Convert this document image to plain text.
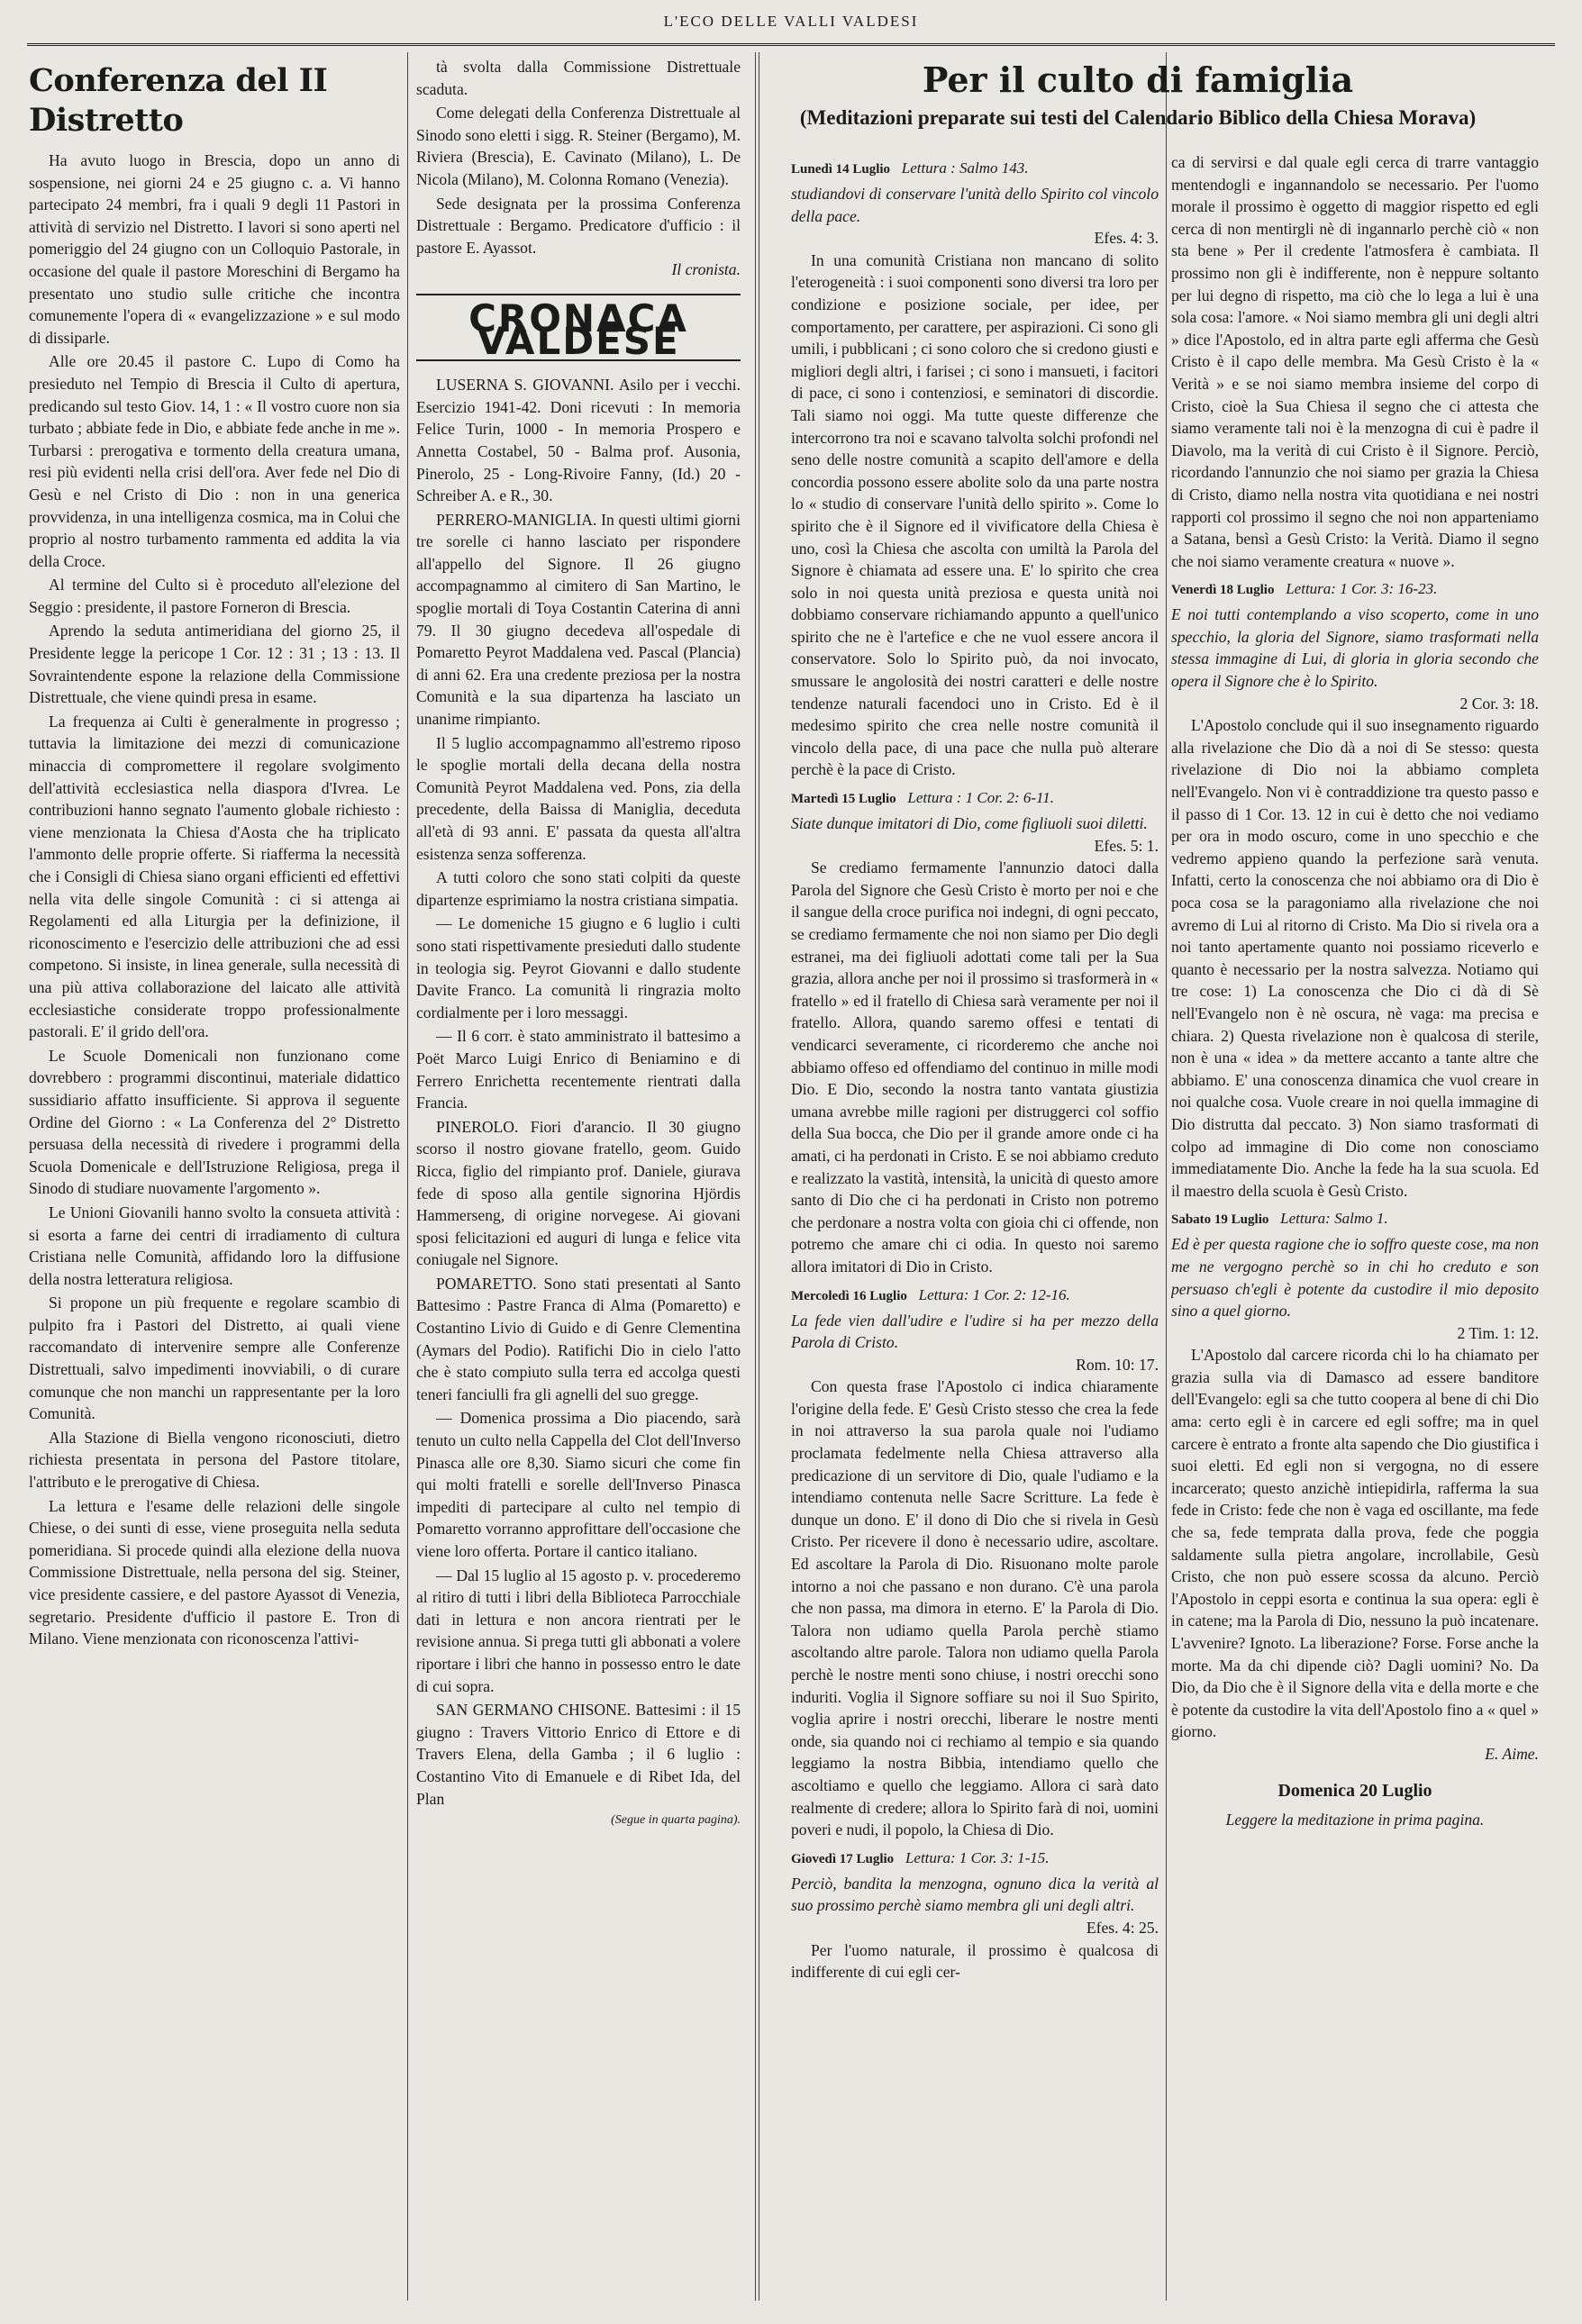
L'ECO DELLE VALLI VALDESI
Conferenza del II Distretto

Ha avuto luogo in Brescia, dopo un anno di sospensione, nei giorni 24 e 25 giugno c. a. Vi hanno partecipato 24 membri, fra i quali 9 degli 11 Pastori in attività di servizio nel Distretto. I lavori si sono aperti nel pomeriggio del 24 giugno con un Colloquio Pastorale, in occasione del quale il pastore Moreschini di Bergamo ha presentato uno studio sulle critiche che incontra comunemente l'opera di « evangelizzazione » e sul modo di dissiparle.

Alle ore 20.45 il pastore C. Lupo di Como ha presieduto nel Tempio di Brescia il Culto di apertura, predicando sul testo Giov. 14, 1 : « Il vostro cuore non sia turbato ; abbiate fede in Dio, e abbiate fede anche in me ». Turbarsi : prerogativa e tormento della creatura umana, resi più evidenti nella crisi dell'ora. Aver fede nel Dio di Gesù e nel Cristo di Dio : non in una generica provvidenza, in una intelligenza cosmica, ma in Colui che proprio al nostro turbamento rammenta ed addita la via della Croce.

Al termine del Culto si è proceduto all'elezione del Seggio : presidente, il pastore Forneron di Brescia.

Aprendo la seduta antimeridiana del giorno 25, il Presidente legge la pericope 1 Cor. 12 : 31 ; 13 : 13. Il Sovraintendente espone la relazione della Commissione Distrettuale, che viene quindi presa in esame.

La frequenza ai Culti è generalmente in progresso ; tuttavia la limitazione dei mezzi di comunicazione minaccia di compromettere il regolare svolgimento dell'attività ecclesiastica nella diaspora d'Ivrea. Le contribuzioni hanno segnato l'aumento globale richiesto : viene menzionata la Chiesa d'Aosta che ha triplicato l'ammonto delle proprie offerte. Si riafferma la necessità che i Consigli di Chiesa siano organi efficienti ed effettivi nella vita delle singole Comunità : ci si attenga ai Regolamenti ed alla Liturgia per la definizione, il riconoscimento e l'esercizio delle attribuzioni che ad essi competono. Si insiste, in linea generale, sulla necessità di una più attiva collaborazione del laicato alle attività ecclesiastiche considerate troppo professionalmente pastorali. E' il grido dell'ora.

Le Scuole Domenicali non funzionano come dovrebbero : programmi discontinui, materiale didattico sussidiario affatto insufficiente. Si approva il seguente Ordine del Giorno : « La Conferenza del 2° Distretto persuasa della necessità di rivedere i programmi della Scuola Domenicale e dell'Istruzione Religiosa, prega il Sinodo di studiare nuovamente l'argomento ».

Le Unioni Giovanili hanno svolto la consueta attività : si esorta a farne dei centri di irradiamento di cultura Cristiana nelle Comunità, affidando loro la diffusione della nostra letteratura religiosa.

Si propone un più frequente e regolare scambio di pulpito fra i Pastori del Distretto, ai quali viene raccomandato di intervenire sempre alle Conferenze Distrettuali, salvo impedimenti inovviabili, o di curare comunque che non manchi un rappresentante per la loro Comunità.

Alla Stazione di Biella vengono riconosciuti, dietro richiesta presentata in persona del Pastore titolare, l'attributo e le prerogative di Chiesa.

La lettura e l'esame delle relazioni delle singole Chiese, o dei sunti di esse, viene proseguita nella seduta pomeridiana. Si procede quindi alla elezione della nuova Commissione Distrettuale, nella persona del sig. Steiner, vice presidente cassiere, e del pastore Ayassot di Venezia, segretario. Presidente d'ufficio il pastore E. Tron di Milano. Viene menzionata con riconoscenza l'attivi-

tà svolta dalla Commissione Distrettuale scaduta.

Come delegati della Conferenza Distrettuale al Sinodo sono eletti i sigg. R. Steiner (Bergamo), M. Riviera (Brescia), E. Cavinato (Milano), L. De Nicola (Milano), M. Colonna Romano (Venezia).

Sede designata per la prossima Conferenza Distrettuale : Bergamo. Predicatore d'ufficio : il pastore E. Ayassot.

Il cronista.
CRONACA VALDESE

LUSERNA S. GIOVANNI. Asilo per i vecchi. Esercizio 1941-42. Doni ricevuti : In memoria Felice Turin, 1000 - In memoria Prospero e Annetta Costabel, 50 - Balma prof. Ausonia, Pinerolo, 25 - Long-Rivoire Fanny, (Id.) 20 - Schreiber A. e R., 30.

PERRERO-MANIGLIA. In questi ultimi giorni tre sorelle ci hanno lasciato per rispondere all'appello del Signore. Il 26 giugno accompagnammo al cimitero di San Martino, le spoglie mortali di Toya Costantin Caterina di anni 79. Il 30 giugno decedeva all'ospedale di Pomaretto Peyrot Maddalena ved. Pascal (Plancia) di anni 62. Era una credente preziosa per la nostra Comunità e la sua dipartenza ha lasciato un unanime rimpianto.

Il 5 luglio accompagnammo all'estremo riposo le spoglie mortali della decana della nostra Comunità Peyrot Maddalena ved. Pons, zia della precedente, della Baissa di Maniglia, deceduta all'età di 93 anni. E' passata da questa all'altra esistenza senza sofferenza.

A tutti coloro che sono stati colpiti da queste dipartenze esprimiamo la nostra cristiana simpatia.

— Le domeniche 15 giugno e 6 luglio i culti sono stati rispettivamente presieduti dallo studente in teologia sig. Peyrot Giovanni e dallo studente Davite Franco. La comunità li ringrazia molto cordialmente per i loro messaggi.

— Il 6 corr. è stato amministrato il battesimo a Poët Marco Luigi Enrico di Beniamino e di Ferrero Enrichetta recentemente rientrati dalla Francia.

PINEROLO. Fiori d'arancio. Il 30 giugno scorso il nostro giovane fratello, geom. Guido Ricca, figlio del rimpianto prof. Daniele, giurava fede di sposo alla gentile signorina Hjördis Hammerseng, di origine norvegese. Ai giovani sposi felicitazioni ed auguri di lunga e felice vita coniugale nel Signore.

POMARETTO. Sono stati presentati al Santo Battesimo : Pastre Franca di Alma (Pomaretto) e Costantino Livio di Guido e di Genre Clementina (Aymars del Podio). Ratifichi Dio in cielo l'atto che è stato compiuto sulla terra ed accolga questi teneri fanciulli fra gli agnelli del suo gregge.

— Domenica prossima a Dio piacendo, sarà tenuto un culto nella Cappella del Clot dell'Inverso Pinasca alle ore 8,30. Siamo sicuri che come fin qui molti fratelli e sorelle dell'Inverso Pinasca impediti di partecipare al culto nel tempio di Pomaretto vorranno approfittare dell'occasione che viene loro offerta. Portare il cantico italiano.

— Dal 15 luglio al 15 agosto p. v. procederemo al ritiro di tutti i libri della Biblioteca Parrocchiale dati in lettura e non ancora rientrati per le revisione annua. Si prega tutti gli abbonati a volere riportare i libri che hanno in possesso entro le date di cui sopra.

SAN GERMANO CHISONE. Battesimi : il 15 giugno : Travers Vittorio Enrico di Ettore e di Travers Elena, della Gamba ; il 6 luglio : Costantino Vito di Emanuele e di Ribet Ida, del Plan

(Segue in quarta pagina).
Per il culto di famiglia
(Meditazioni preparate sui testi del Calendario Biblico della Chiesa Morava)
Lunedì 14 Luglio Lettura : Salmo 143.
studiandovi di conservare l'unità dello Spirito col vincolo della pace.
Efes. 4: 3.

In una comunità Cristiana non mancano di solito l'eterogeneità : i suoi componenti sono diversi tra loro per condizione e posizione sociale, per idee, per comportamento, per carattere, per aspirazioni. Ci sono gli umili, i pubblicani ; ci sono coloro che si credono giusti e migliori degli altri, i farisei ; ci sono i mansueti, i facitori di pace, ci sono i contenziosi, e seminatori di discordie. Tali siamo noi oggi. Ma tutte queste differenze che intercorrono tra noi e scavano talvolta solchi profondi nel seno delle nostre comunità a scapito dell'amore e della concordia possono essere abolite solo da una parte nostra lo « studio di conservare l'unità dello spirito ». Come lo spirito che è il Signore ed il vivificatore della Chiesa è uno, così la Chiesa che ascolta con umiltà la Parola del Signore è chiamata ad essere una. E' lo spirito che crea solo in noi questa unità preziosa e questa unità noi dobbiamo conservare richiamando appunto a quell'unico spirito che ne è l'artefice e che ne vuol essere ancora il conservatore. Solo lo Spirito può, da noi invocato, smussare le angolosità dei nostri caratteri e delle nostre tendenze naturali facendoci uno in Cristo. Ed è il medesimo spirito che crea nelle nostre comunità il vincolo della pace, di una pace che nulla può alterare perchè è la pace di Cristo.

Martedì 15 Luglio Lettura : 1 Cor. 2: 6-11.
Siate dunque imitatori di Dio, come figliuoli suoi diletti.
Efes. 5: 1.

Se crediamo fermamente l'annunzio datoci dalla Parola del Signore che Gesù Cristo è morto per noi e che il sangue della croce purifica noi indegni, di ogni peccato, se crediamo fermamente che noi non siamo per Dio degli estranei, ma dei figliuoli adottati come tali per la Sua grazia, allora anche per noi il prossimo si trasformerà in « fratello » ed il fratello di Chiesa sarà veramente per noi il fratello. Allora, quando saremo offesi e tentati di vendicarci severamente, ci ricorderemo che anche noi abbiamo offeso ed offendiamo del continuo in mille modi Dio. E Dio, secondo la nostra tanto vantata giustizia umana avrebbe mille ragioni per distruggerci col soffio della Sua bocca, che Dio per il grande amore onde ci ha amati, ci ha perdonati in Cristo. E se noi abbiamo creduto e realizzato la vastità, intensità, la unicità di questo amore santo di Dio che ci ha perdonati in Cristo non potremo che perdonare a nostra volta con gioia chi ci offende, non potremo che amare chi ci odia. In questo noi saremo allora imitatori di Dio in Cristo.

Mercoledì 16 Luglio Lettura: 1 Cor. 2: 12-16.
La fede vien dall'udire e l'udire si ha per mezzo della Parola di Cristo.
Rom. 10: 17.

Con questa frase l'Apostolo ci indica chiaramente l'origine della fede. E' Gesù Cristo stesso che crea la fede in noi attraverso la sua parola quale noi l'udiamo proclamata fedelmente nella Chiesa attraverso alla predicazione di un servitore di Dio, quale l'udiamo e la intendiamo contenuta nelle Sacre Scritture. La fede è dunque un dono. E' il dono di Dio che si rivela in Gesù Cristo. Per ricevere il dono è necessario udire, ascoltare. Ed ascoltare la Parola di Dio. Risuonano molte parole intorno a noi che passano e non durano. C'è una parola che non passa, ma dimora in eterno. E' la Parola di Dio. Talora non udiamo quella Parola perchè stiamo ascoltando altre parole. Talora non udiamo quella Parola perchè le nostre menti sono chiuse, i nostri orecchi sono induriti. Voglia il Signore soffiare su noi il Suo Spirito, voglia aprire i nostri orecchi, liberare le nostre menti onde, sia quando noi ci rechiamo al tempio e sia quando leggiamo la nostra Bibbia, intendiamo quello che ascoltiamo e quello che leggiamo. Allora ci sarà dato realmente di credere; allora lo Spirito farà di noi, uomini poveri e nudi, il popolo, la Chiesa di Dio.

Giovedì 17 Luglio Lettura: 1 Cor. 3: 1-15.
Perciò, bandita la menzogna, ognuno dica la verità al suo prossimo perchè siamo membra gli uni degli altri.
Efes. 4: 25.

Per l'uomo naturale, il prossimo è qualcosa di indifferente di cui egli cer-

ca di servirsi e dal quale egli cerca di trarre vantaggio mentendogli e ingannandolo se necessario. Per l'uomo morale il prossimo è oggetto di maggior rispetto ed egli cerca di non mentirgli nè di ingannarlo perchè ciò « non sta bene » Per il credente l'atmosfera è cambiata. Il prossimo non gli è indifferente, non è neppure soltanto per lui degno di rispetto, ma ciò che lo lega a lui è una sola cosa: l'amore. « Noi siamo membra gli uni degli altri » dice l'Apostolo, ed in altra parte egli afferma che Gesù Cristo è il capo delle membra. Ma Gesù Cristo è la « Verità » e se noi siamo membra insieme del corpo di Cristo, cioè la Sua Chiesa il segno che ci attesta che siamo veramente tali noi è la menzogna di cui è padre il Diavolo, ma la verità di cui Cristo è il Signore. Perciò, ricordando l'annunzio che noi siamo per grazia la Chiesa di Cristo, diamo nella nostra vita quotidiana e nei nostri rapporti col prossimo il segno che noi non apparteniamo a Satana, bensì a Gesù Cristo: la Verità. Diamo il segno che noi siamo veramente creatura « nuove ».

Venerdì 18 Luglio Lettura: 1 Cor. 3: 16-23.
E noi tutti contemplando a viso scoperto, come in uno specchio, la gloria del Signore, siamo trasformati nella stessa immagine di Lui, di gloria in gloria secondo che opera il Signore che è lo Spirito.
2 Cor. 3: 18.

L'Apostolo conclude qui il suo insegnamento riguardo alla rivelazione che Dio dà a noi di Se stesso: questa rivelazione di Dio noi la abbiamo completa nell'Evangelo. Non vi è contraddizione tra questo passo e il passo di 1 Cor. 13. 12 in cui è detto che noi vediamo per ora in modo oscuro, come in uno specchio e che vedremo appieno quando la perfezione sarà venuta. Infatti, certo la conoscenza che noi abbiamo ora di Dio è poca cosa se la paragoniamo alla rivelazione che noi avremo di Lui al ritorno di Cristo. Ma Dio si rivela ora a noi tanto apertamente quanto noi possiamo riceverlo e quanto è necessario per la nostra salvezza. Notiamo qui tre cose: 1) La conoscenza che Dio ci dà di Sè nell'Evangelo non è nè oscura, nè vaga: ma precisa e chiara. 2) Questa rivelazione non è qualcosa di sterile, non è una « idea » da mettere accanto a tante altre che abbiamo. E' una conoscenza dinamica che vuol creare in noi qualche cosa. Vuole creare in noi quella immagine di Dio distrutta dal peccato. 3) Non siamo trasformati di colpo ad immagine di Dio come non conosciamo immediatamente Dio. Anche la fede ha la sua scuola. Ed il maestro della scuola è Gesù Cristo.

Sabato 19 Luglio Lettura: Salmo 1.
Ed è per questa ragione che io soffro queste cose, ma non me ne vergogno perchè so in chi ho creduto e son persuaso ch'egli è potente da custodire il mio deposito sino a quel giorno.
2 Tim. 1: 12.

L'Apostolo dal carcere ricorda chi lo ha chiamato per grazia sulla via di Damasco ad essere banditore dell'Evangelo: egli sa che tutto coopera al bene di chi Dio ama: certo egli è in carcere ed egli soffre; ma in quel carcere è entrato a fronte alta sapendo che Dio giustifica i suoi eletti. Ed egli non si vergogna, no di essere incarcerato; questo anzichè intiepidirla, rafferma la sua fede in Cristo: fede che non è vaga ed oscillante, ma fede che sa, fede temprata dalla prova, fede che poggia saldamente sulla pietra angolare, incrollabile, Gesù Cristo, che non può essere scossa da alcuno. Perciò l'Apostolo in ceppi esorta e continua la sua opera: egli è in catene; ma la Parola di Dio, nessuno la può incatenare. L'avvenire? Ignoto. La liberazione? Forse. Forse anche la morte. Ma da chi dipende ciò? Dagli uomini? No. Da Dio, da Dio che è il Signore della vita e della morte e che è potente da custodire la vita dell'Apostolo fino a « quel » giorno.

E. Aime.
Domenica 20 Luglio
Leggere la meditazione in prima pagina.
